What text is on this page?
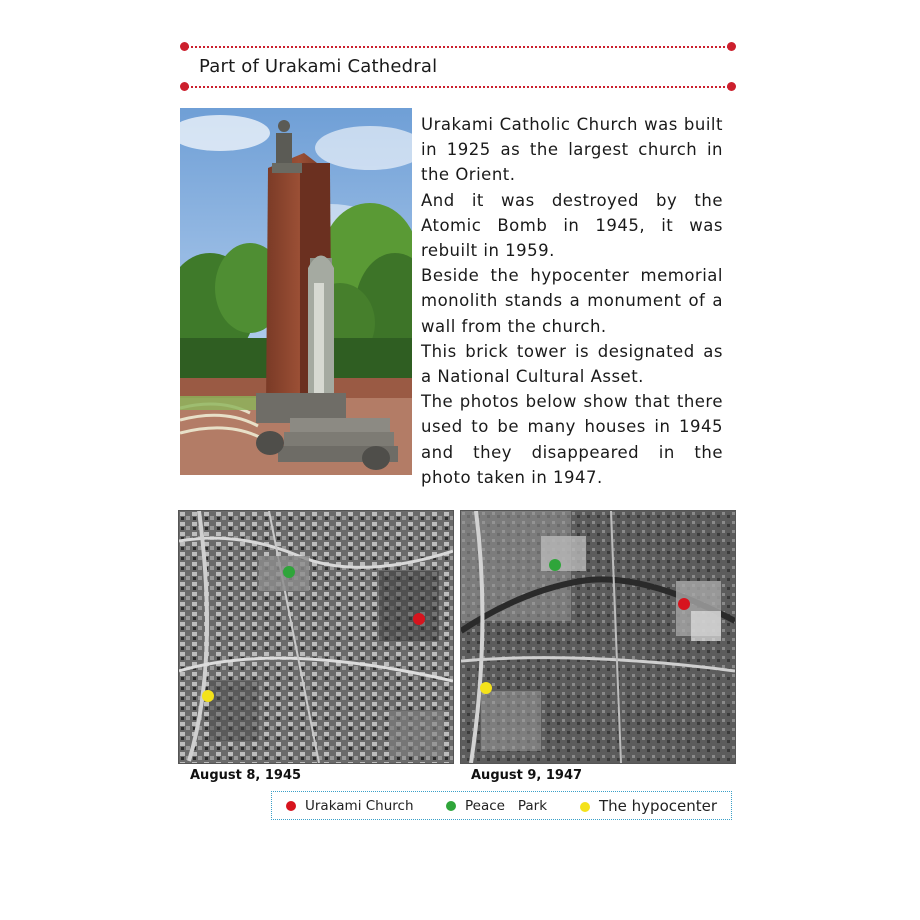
Part of Urakami Cathedral

Urakami Catholic Church was built in 1925 as the largest church in the Orient.

And it was destroyed by the Atomic Bomb in 1945, it was rebuilt in 1959.

Beside the hypocenter memorial monolith stands a monument of a wall from the church.

This brick tower is designated as a National Cultural Asset.

The photos below show that there used to be many houses in 1945 and they disappeared in the photo taken in 1947.

August 8, 1945	August 9, 1947
Urakami Church	Peace   Park	The hypocenter
